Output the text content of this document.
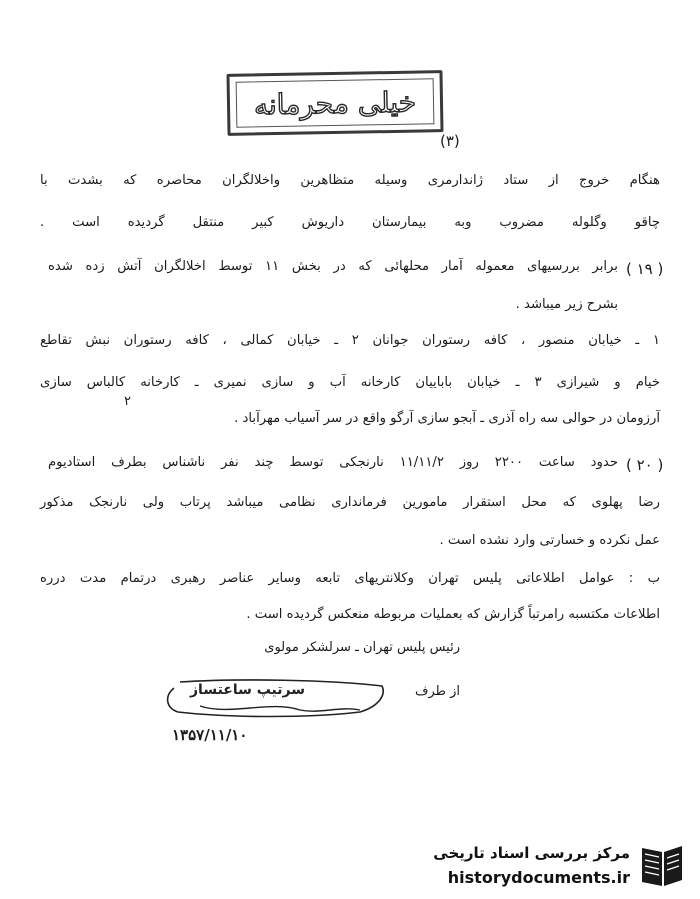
خیلی محرمانه
(۳)
هنگام خروج از ستاد ژاندارمری وسیله متظاهرین واخلالگران محاصره که بشدت با
چاقو وگلوله مضروب وبه بیمارستان داریوش کبیر منتقل گردیده است .
( ۱۹ )
برابر بررسیهای معموله آمار محلهائی که در بخش ۱۱ توسط اخلالگران آتش زده شده
بشرح زیر میباشد .
۱ ـ خیابان منصور ، کافه رستوران جوانان ۲ ـ خیابان کمالی ، کافه رستوران نبش تقاطع
خیام و شیرازی ۳ ـ خیابان باباییان کارخانه آب و سازی نمیری ـ کارخانه کالباس سازی
۲
آرزومان در حوالی سه راه آذری ـ آبجو سازی آرگو واقع در سر آسیاب مهرآباد .
( ۲۰ )
حدود ساعت ۲۲۰۰ روز ۱۱/۱۱/۲ نارنجکی توسط چند نفر ناشناس بطرف استادیوم
رضا پهلوی که محل استقرار مامورین فرمانداری نظامی میباشد پرتاب ولی نارنجک مذکور
عمل نکرده و خسارتی وارد نشده است .
ب : عوامل اطلاعاتی پلیس تهران وکلانتریهای تابعه وسایر عناصر رهبری درتمام مدت درره
اطلاعات مکتسبه رامرتباً گزارش که بعملیات مربوطه منعکس گردیده است .
رئیس پلیس تهران ـ سرلشکر مولوی
از طرف
سرتیپ ساعتساز
۱۳۵۷/۱۱/۱۰
مرکز بررسی اسناد تاریخی
historydocuments.ir
